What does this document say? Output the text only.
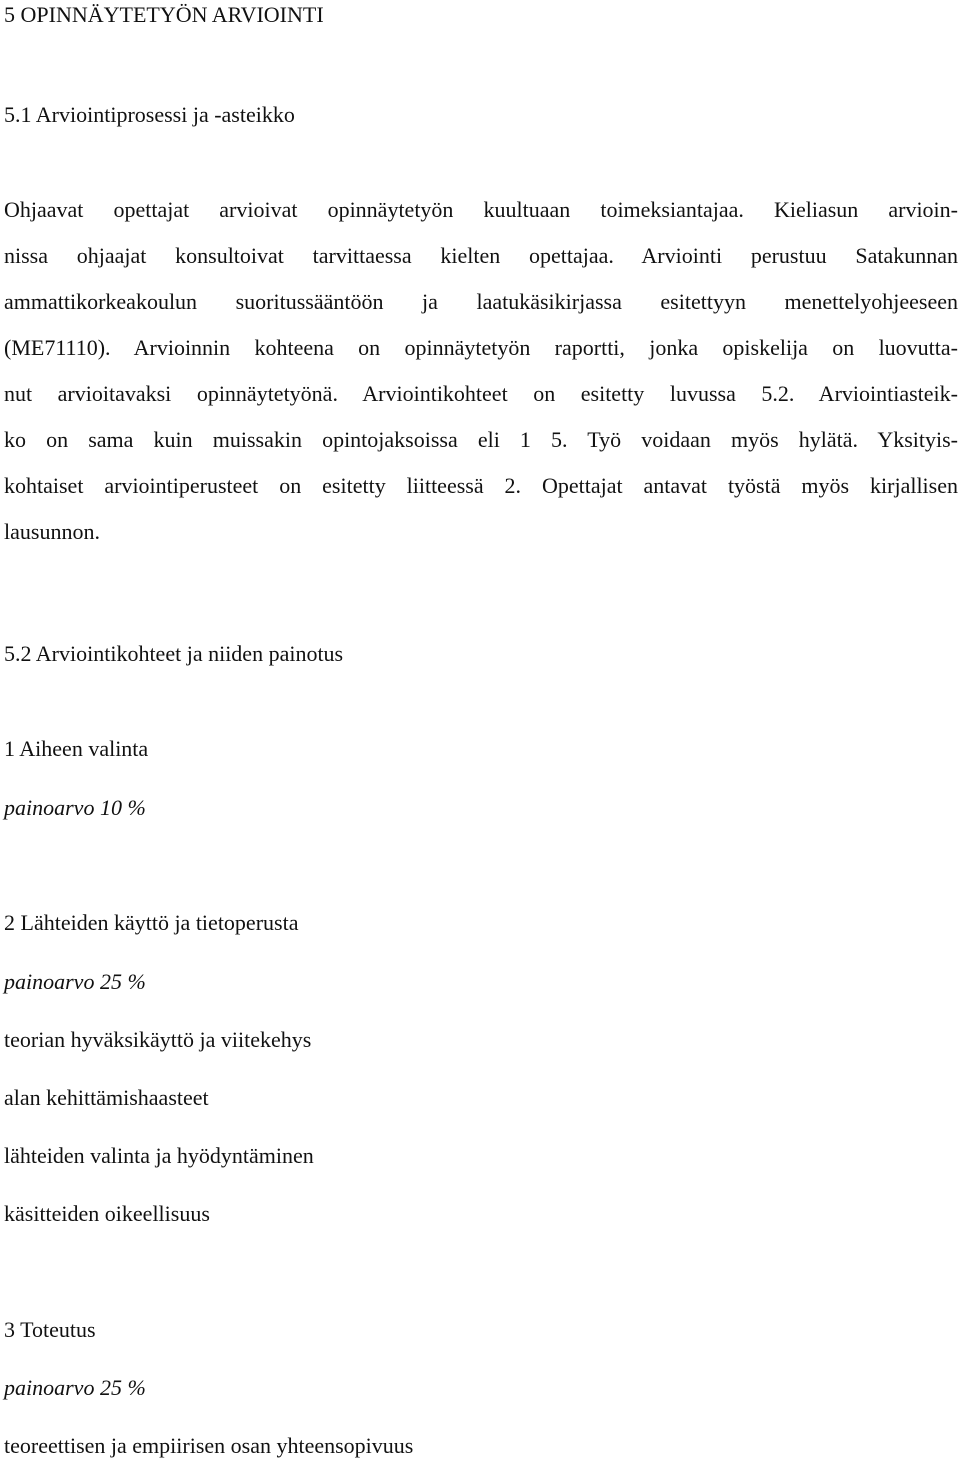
5 OPINNÄYTETYÖN ARVIOINTI
5.1 Arviointiprosessi ja -asteikko
Ohjaavat opettajat arvioivat opinnäytetyön kuultuaan toimeksiantajaa. Kieliasun arvioin-
nissa ohjaajat konsultoivat tarvittaessa kielten opettajaa. Arviointi perustuu Satakunnan
ammattikorkeakoulun suoritussääntöön ja laatukäsikirjassa esitettyyn menettelyohjeeseen
(ME71110). Arvioinnin kohteena on opinnäytetyön raportti, jonka opiskelija on luovutta-
nut arvioitavaksi opinnäytetyönä. Arviointikohteet on esitetty luvussa 5.2. Arviointiasteik-
ko on sama kuin muissakin opintojaksoissa eli 1 5. Työ voidaan myös hylätä. Yksityis-
kohtaiset arviointiperusteet on esitetty liitteessä 2. Opettajat antavat työstä myös kirjallisen
lausunnon.
5.2 Arviointikohteet ja niiden painotus

1 Aiheen valinta

painoarvo 10 %

2 Lähteiden käyttö ja tietoperusta

painoarvo 25 %

teorian hyväksikäyttö ja viitekehys

alan kehittämishaasteet

lähteiden valinta ja hyödyntäminen

käsitteiden oikeellisuus

3 Toteutus

painoarvo 25 %

teoreettisen ja empiirisen osan yhteensopivuus
